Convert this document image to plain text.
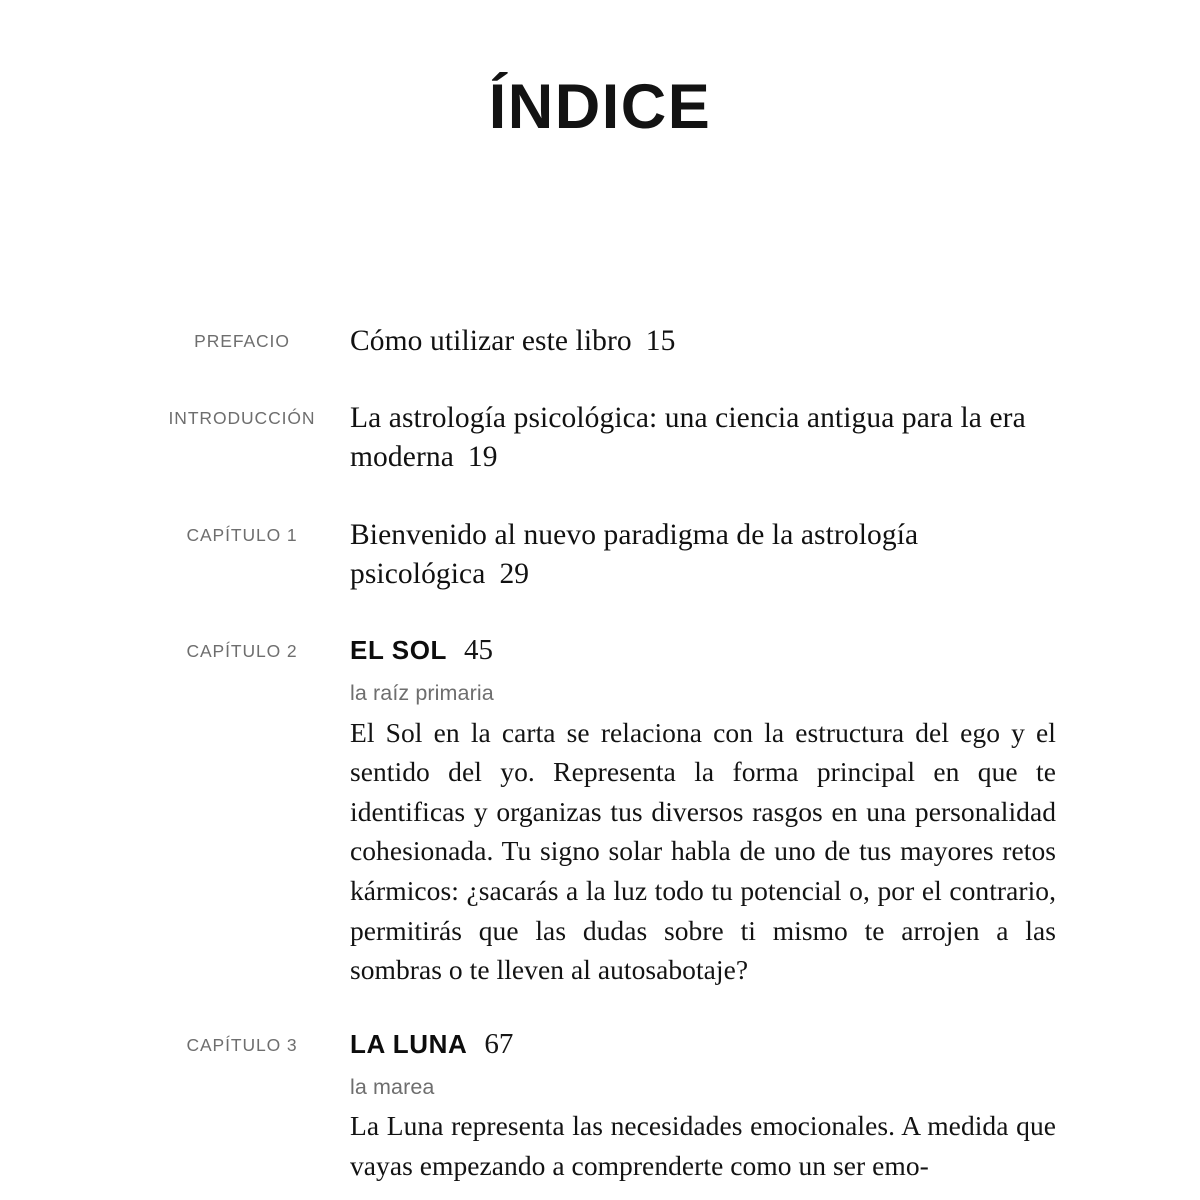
ÍNDICE
PREFACIO	Cómo utilizar este libro 15
INTRODUCCIÓN	La astrología psicológica: una ciencia antigua para la era moderna 19
CAPÍTULO 1	Bienvenido al nuevo paradigma de la astrología psicológica 29
CAPÍTULO 2	EL SOL 45
la raíz primaria
El Sol en la carta se relaciona con la estructura del ego y el sentido del yo. Representa la forma principal en que te identificas y organizas tus diversos rasgos en una personalidad cohesionada. Tu signo solar habla de uno de tus mayores retos kármicos: ¿sacarás a la luz todo tu potencial o, por el contrario, permitirás que las dudas sobre ti mismo te arrojen a las sombras o te lleven al autosabotaje?
CAPÍTULO 3	LA LUNA 67
la marea
La Luna representa las necesidades emocionales. A medida que vayas empezando a comprenderte como un ser emo-
